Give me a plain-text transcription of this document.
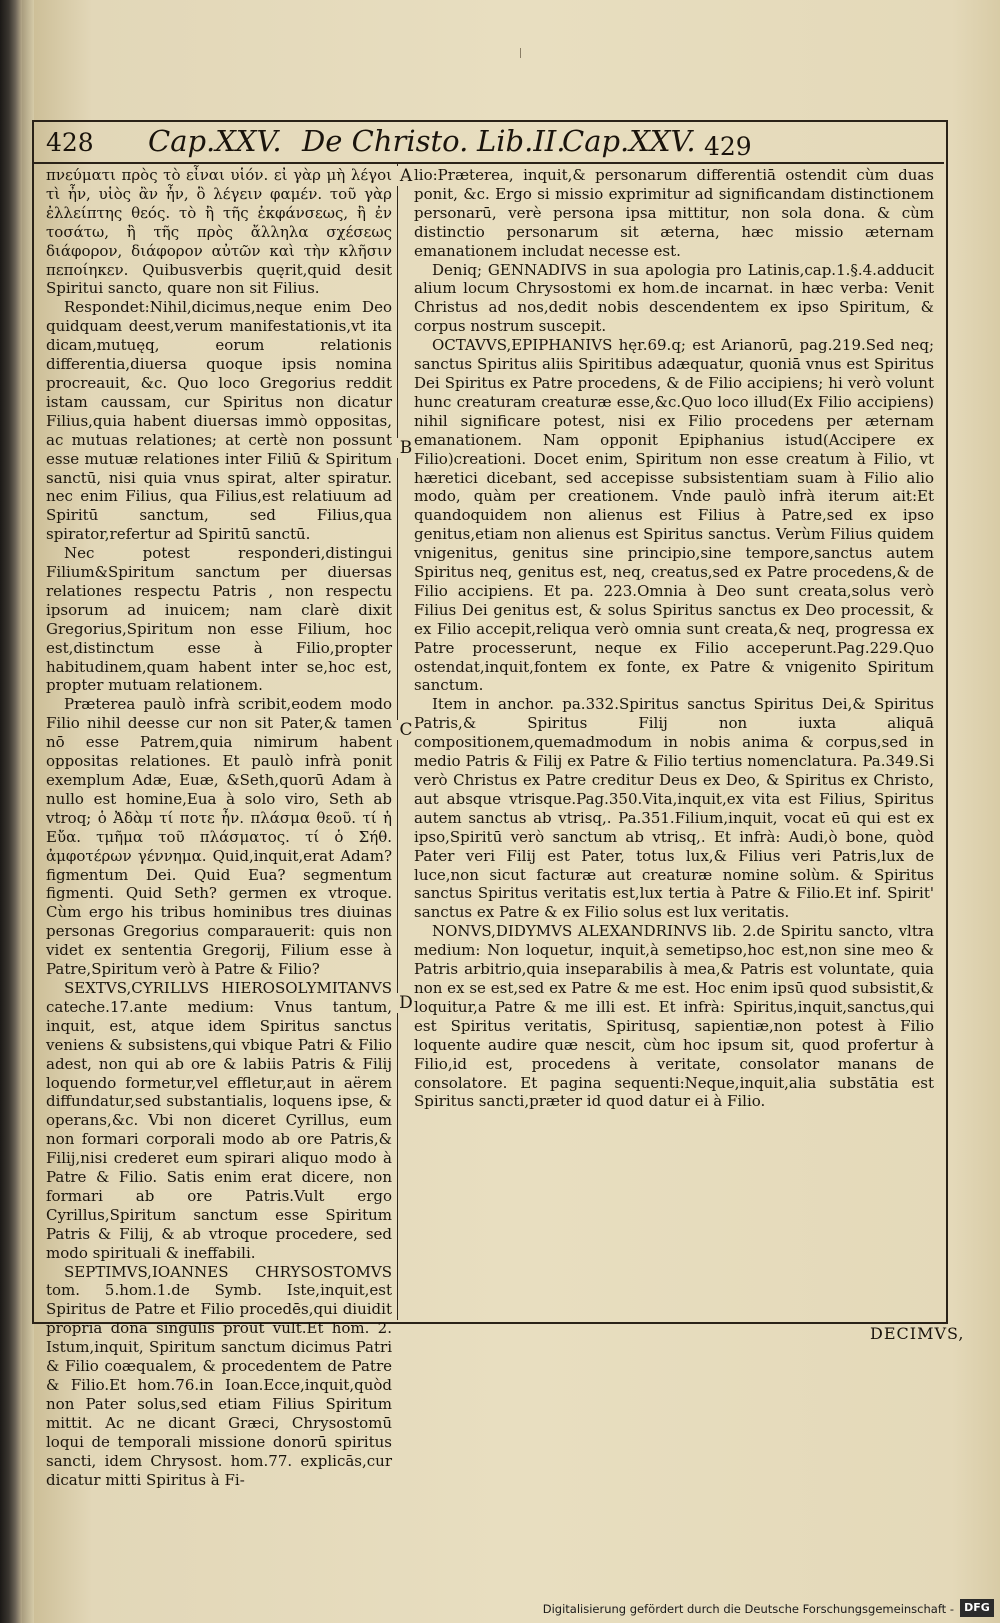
428 Cap.XXV. De Christo. Lib.II.
Cap.XXV. 429

πνεύματι πρὸς τὸ εἶναι υἱόν. εἰ γὰρ μὴ λέγοι τὶ ἦν, υἱὸς ἂν ἦν, ὃ λέγειν φαμέν. τοῦ γὰρ ἐλλείπτης θεός. τὸ ἢ τῆς ἐκφάνσεως, ἢ ἐν τοσάτω, ἢ τῆς πρὸς ἄλληλα σχέσεως διάφορον, διάφορον αὐτῶν καὶ τὴν κλῆσιν πεποίηκεν. Quibusverbis quęrit,quid desit Spiritui sancto, quare non sit Filius.

Respondet:Nihil,dicimus,neque enim Deo quidquam deest,verum manifestationis,vt ita dicam,mutuęq, eorum relationis differentia,diuersa quoque ipsis nomina procreauit, &c. Quo loco Gregorius reddit istam caussam, cur Spiritus non dicatur Filius,quia habent diuersas immò oppositas, ac mutuas relationes; at certè non possunt esse mutuæ relationes inter Filiū & Spiritum sanctū, nisi quia vnus spirat, alter spiratur. nec enim Filius, qua Filius,est relatiuum ad Spiritū sanctum, sed Filius,qua spirator,refertur ad Spiritū sanctū.

Nec potest responderi,distingui Filium&Spiritum sanctum per diuersas relationes respectu Patris , non respectu ipsorum ad inuicem; nam clarè dixit Gregorius,Spiritum non esse Filium, hoc est,distinctum esse à Filio,propter habitudinem,quam habent inter se,hoc est, propter mutuam relationem.

Præterea paulò infrà scribit,eodem modo Filio nihil deesse cur non sit Pater,& tamen nō esse Patrem,quia nimirum habent oppositas relationes. Et paulò infrà ponit exemplum Adæ, Euæ, &Seth,quorū Adam à nullo est homine,Eua à solo viro, Seth ab vtroq; ὁ Ἀδὰμ τί ποτε ἦν. πλάσμα θεοῦ. τί ἡ Εὔα. τμῆμα τοῦ πλάσματος. τί ὁ Σήθ. ἀμφοτέρων γέννημα. Quid,inquit,erat Adam? figmentum Dei. Quid Eua? segmentum figmenti. Quid Seth? germen ex vtroque. Cùm ergo his tribus hominibus tres diuinas personas Gregorius comparauerit: quis non videt ex sententia Gregorij, Filium esse à Patre,Spiritum verò à Patre & Filio?

SEXTVS,CYRILLVS HIEROSOLYMITANVS cateche.17.ante medium: Vnus tantum, inquit, est, atque idem Spiritus sanctus veniens & subsistens,qui vbique Patri & Filio adest, non qui ab ore & labiis Patris & Filij loquendo formetur,vel effletur,aut in aërem diffundatur,sed substantialis, loquens ipse, & operans,&c. Vbi non diceret Cyrillus, eum non formari corporali modo ab ore Patris,& Filij,nisi crederet eum spirari aliquo modo à Patre & Filio. Satis enim erat dicere, non formari ab ore Patris.Vult ergo Cyrillus,Spiritum sanctum esse Spiritum Patris & Filij, & ab vtroque procedere, sed modo spirituali & ineffabili.

SEPTIMVS,IOANNES CHRYSOSTOMVS tom. 5.hom.1.de Symb. Iste,inquit,est Spiritus de Patre et Filio procedēs,qui diuidit propria dona singulis prout vult.Et hom. 2. Istum,inquit, Spiritum sanctum dicimus Patri & Filio coæqualem, & procedentem de Patre & Filio.Et hom.76.in Ioan.Ecce,inquit,quòd non Pater solus,sed etiam Filius Spiritum mittit. Ac ne dicant Græci, Chrysostomū loqui de temporali missione donorū spiritus sancti, idem Chrysost. hom.77. explicās,cur dicatur mitti Spiritus à Fi-

A
B
C
D

lio:Præterea, inquit,& personarum differentiā ostendit cùm duas ponit, &c. Ergo si missio exprimitur ad significandam distinctionem personarū, verè persona ipsa mittitur, non sola dona. & cùm distinctio personarum sit æterna, hæc missio æternam emanationem includat necesse est.

Deniq; GENNADIVS in sua apologia pro Latinis,cap.1.§.4.adducit alium locum Chrysostomi ex hom.de incarnat. in hæc verba: Venit Christus ad nos,dedit nobis descendentem ex ipso Spiritum, & corpus nostrum suscepit.

OCTAVVS,EPIPHANIVS hęr.69.q; est Arianorū, pag.219.Sed neq; sanctus Spiritus aliis Spiritibus adæquatur, quoniā vnus est Spiritus Dei Spiritus ex Patre procedens, & de Filio accipiens; hi verò volunt hunc creaturam creaturæ esse,&c.Quo loco illud(Ex Filio accipiens) nihil significare potest, nisi ex Filio procedens per æternam emanationem. Nam opponit Epiphanius istud(Accipere ex Filio)creationi. Docet enim, Spiritum non esse creatum à Filio, vt hæretici dicebant, sed accepisse subsistentiam suam à Filio alio modo, quàm per creationem. Vnde paulò infrà iterum ait:Et quandoquidem non alienus est Filius à Patre,sed ex ipso genitus,etiam non alienus est Spiritus sanctus. Verùm Filius quidem vnigenitus, genitus sine principio,sine tempore,sanctus autem Spiritus neq, genitus est, neq, creatus,sed ex Patre procedens,& de Filio accipiens. Et pa. 223.Omnia à Deo sunt creata,solus verò Filius Dei genitus est, & solus Spiritus sanctus ex Deo processit, & ex Filio accepit,reliqua verò omnia sunt creata,& neq, progressa ex Patre processerunt, neque ex Filio acceperunt.Pag.229.Quo ostendat,inquit,fontem ex fonte, ex Patre & vnigenito Spiritum sanctum.

Item in anchor. pa.332.Spiritus sanctus Spiritus Dei,& Spiritus Patris,& Spiritus Filij non iuxta aliquā compositionem,quemadmodum in nobis anima & corpus,sed in medio Patris & Filij ex Patre & Filio tertius nomenclatura. Pa.349.Si verò Christus ex Patre creditur Deus ex Deo, & Spiritus ex Christo, aut absque vtrisque.Pag.350.Vita,inquit,ex vita est Filius, Spiritus autem sanctus ab vtrisq,. Pa.351.Filium,inquit, vocat eū qui est ex ipso,Spiritū verò sanctum ab vtrisq,. Et infrà: Audi,ò bone, quòd Pater veri Filij est Pater, totus lux,& Filius veri Patris,lux de luce,non sicut facturæ aut creaturæ nomine solùm. & Spiritus sanctus Spiritus veritatis est,lux tertia à Patre & Filio.Et inf. Spirit' sanctus ex Patre & ex Filio solus est lux veritatis.

NONVS,DIDYMVS ALEXANDRINVS lib. 2.de Spiritu sancto, vltra medium: Non loquetur, inquit,à semetipso,hoc est,non sine meo & Patris arbitrio,quia inseparabilis à mea,& Patris est voluntate, quia non ex se est,sed ex Patre & me est. Hoc enim ipsū quod subsistit,& loquitur,a Patre & me illi est. Et infrà: Spiritus,inquit,sanctus,qui est Spiritus veritatis, Spiritusq, sapientiæ,non potest à Filio loquente audire quæ nescit, cùm hoc ipsum sit, quod profertur à Filio,id est, procedens à veritate, consolator manans de consolatore. Et pagina sequenti:Neque,inquit,alia substātia est Spiritus sancti,præter id quod datur ei à Filio.

DECIMVS,
Digitalisierung gefördert durch die Deutsche Forschungsgemeinschaft - DFG
